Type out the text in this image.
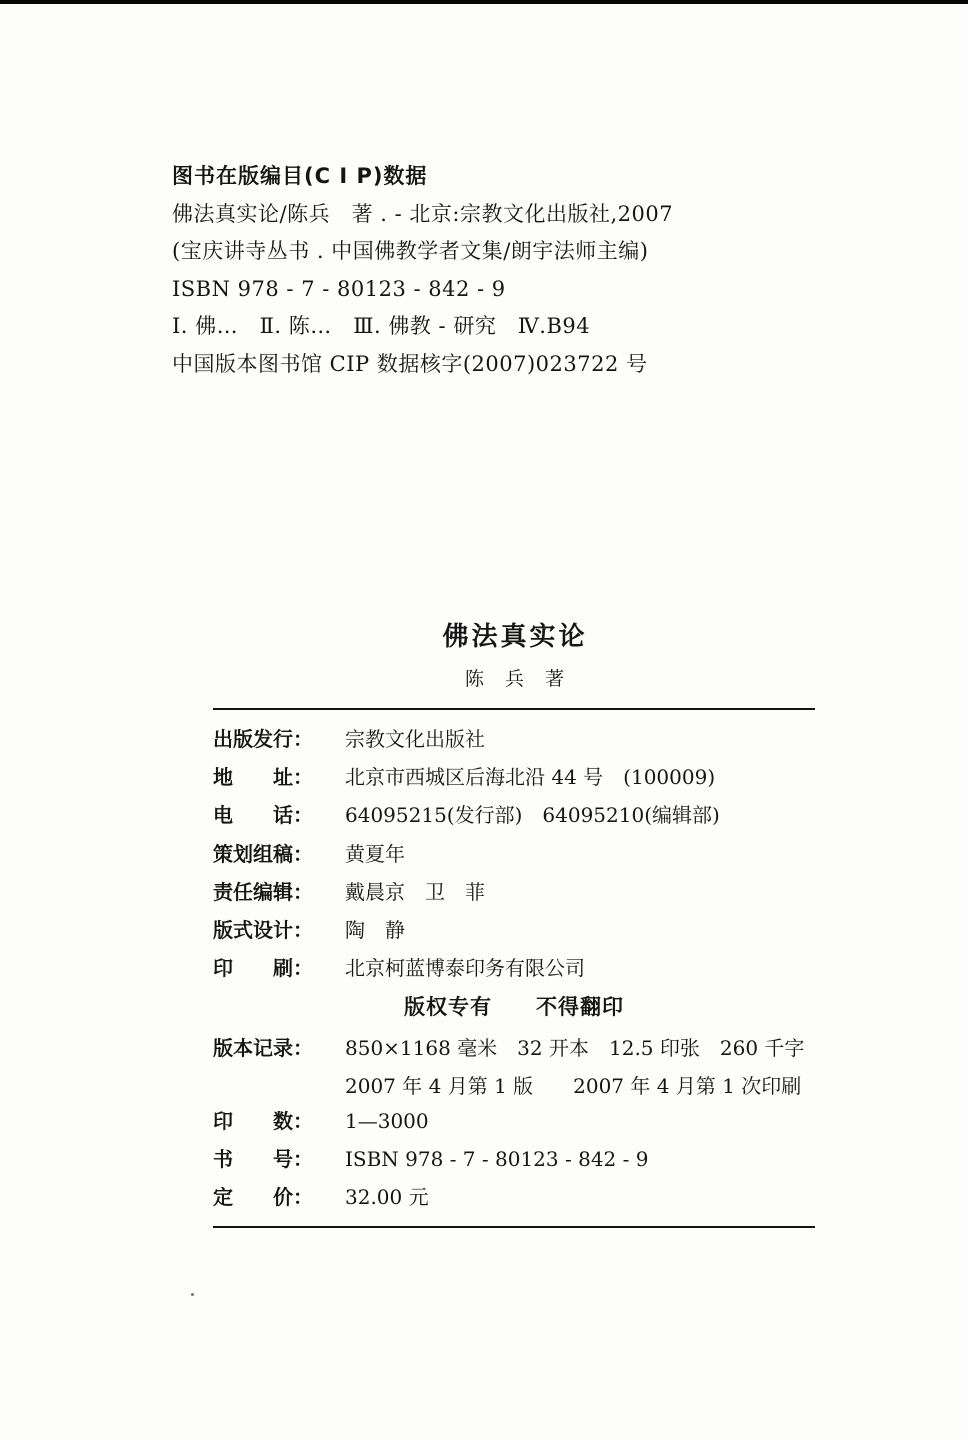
图书在版编目(C I P)数据
佛法真实论/陈兵　著 . - 北京:宗教文化出版社,2007
(宝庆讲寺丛书 . 中国佛教学者文集/朗宇法师主编)
ISBN 978 - 7 - 80123 - 842 - 9
Ⅰ. 佛…　Ⅱ. 陈…　Ⅲ. 佛教 - 研究　Ⅳ.B94
中国版本图书馆 CIP 数据核字(2007)023722 号
佛法真实论
陈　兵　著
出版发行：	宗教文化出版社
地　　址：	北京市西城区后海北沿 44 号　(100009)
电　　话：	64095215(发行部)　64095210(编辑部)
策划组稿：	黄夏年
责任编辑：	戴晨京　卫　菲
版式设计：	陶　静
印　　刷：	北京柯蓝博泰印务有限公司
版权专有　　不得翻印
版本记录：	850×1168 毫米　32 开本　12.5 印张　260 千字
2007 年 4 月第 1 版　　2007 年 4 月第 1 次印刷
印　　数：	1—3000
书　　号：	ISBN 978 - 7 - 80123 - 842 - 9
定　　价：	32.00 元
